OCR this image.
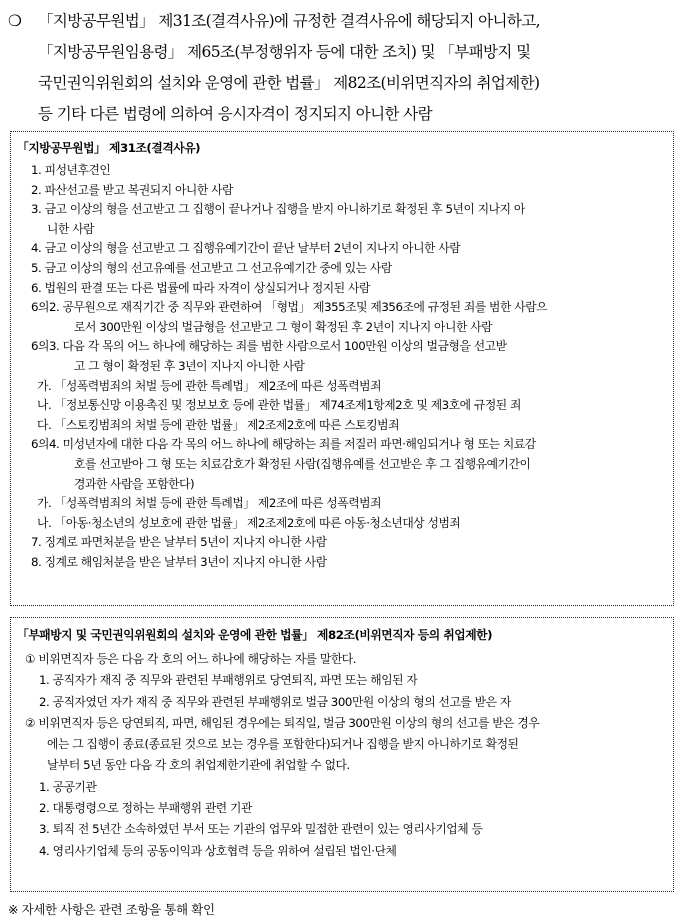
❍	「지방공무원법」 제31조(결격사유)에 규정한 결격사유에 해당되지 아니하고,
「지방공무원임용령」 제65조(부정행위자 등에 대한 조치) 및 「부패방지 및
국민권익위원회의 설치와 운영에 관한 법률」 제82조(비위면직자의 취업제한)
등 기타 다른 법령에 의하여 응시자격이 정지되지 아니한 사람
「지방공무원법」 제31조(결격사유)
1. 피성년후견인
2. 파산선고를 받고 복권되지 아니한 사람
3. 금고 이상의 형을 선고받고 그 집행이 끝나거나 집행을 받지 아니하기로 확정된 후 5년이 지나지 아
니한 사람
4. 금고 이상의 형을 선고받고 그 집행유예기간이 끝난 날부터 2년이 지나지 아니한 사람
5. 금고 이상의 형의 선고유예를 선고받고 그 선고유예기간 중에 있는 사람
6. 법원의 판결 또는 다른 법률에 따라 자격이 상실되거나 정지된 사람
6의2. 공무원으로 재직기간 중 직무와 관련하여 「형법」 제355조및 제356조에 규정된 죄를 범한 사람으
로서 300만원 이상의 벌금형을 선고받고 그 형이 확정된 후 2년이 지나지 아니한 사람
6의3. 다음 각 목의 어느 하나에 해당하는 죄를 범한 사람으로서 100만원 이상의 벌금형을 선고받
고 그 형이 확정된 후 3년이 지나지 아니한 사람
가. 「성폭력범죄의 처벌 등에 관한 특례법」 제2조에 따른 성폭력범죄
나. 「정보통신망 이용촉진 및 정보보호 등에 관한 법률」 제74조제1항제2호 및 제3호에 규정된 죄
다. 「스토킹범죄의 처벌 등에 관한 법률」 제2조제2호에 따른 스토킹범죄
6의4. 미성년자에 대한 다음 각 목의 어느 하나에 해당하는 죄를 저질러 파면·해임되거나 형 또는 치료감
호를 선고받아 그 형 또는 치료감호가 확정된 사람(집행유예를 선고받은 후 그 집행유예기간이
경과한 사람을 포함한다)
가. 「성폭력범죄의 처벌 등에 관한 특례법」 제2조에 따른 성폭력범죄
나. 「아동·청소년의 성보호에 관한 법률」 제2조제2호에 따른 아동·청소년대상 성범죄
7. 징계로 파면처분을 받은 날부터 5년이 지나지 아니한 사람
8. 징계로 해임처분을 받은 날부터 3년이 지나지 아니한 사람
「부패방지 및 국민권익위원회의 설치와 운영에 관한 법률」 제82조(비위면직자 등의 취업제한)
① 비위면직자 등은 다음 각 호의 어느 하나에 해당하는 자를 말한다.
1. 공직자가 재직 중 직무와 관련된 부패행위로 당연퇴직, 파면 또는 해임된 자
2. 공직자였던 자가 재직 중 직무와 관련된 부패행위로 벌금 300만원 이상의 형의 선고를 받은 자
② 비위면직자 등은 당연퇴직, 파면, 해임된 경우에는 퇴직일, 벌금 300만원 이상의 형의 선고를 받은 경우
에는 그 집행이 종료(종료된 것으로 보는 경우를 포함한다)되거나 집행을 받지 아니하기로 확정된
날부터 5년 동안 다음 각 호의 취업제한기관에 취업할 수 없다.
1. 공공기관
2. 대통령령으로 정하는 부패행위 관련 기관
3. 퇴직 전 5년간 소속하였던 부서 또는 기관의 업무와 밀접한 관련이 있는 영리사기업체 등
4. 영리사기업체 등의 공동이익과 상호협력 등을 위하여 설립된 법인·단체
※ 자세한 사항은 관련 조항을 통해 확인
